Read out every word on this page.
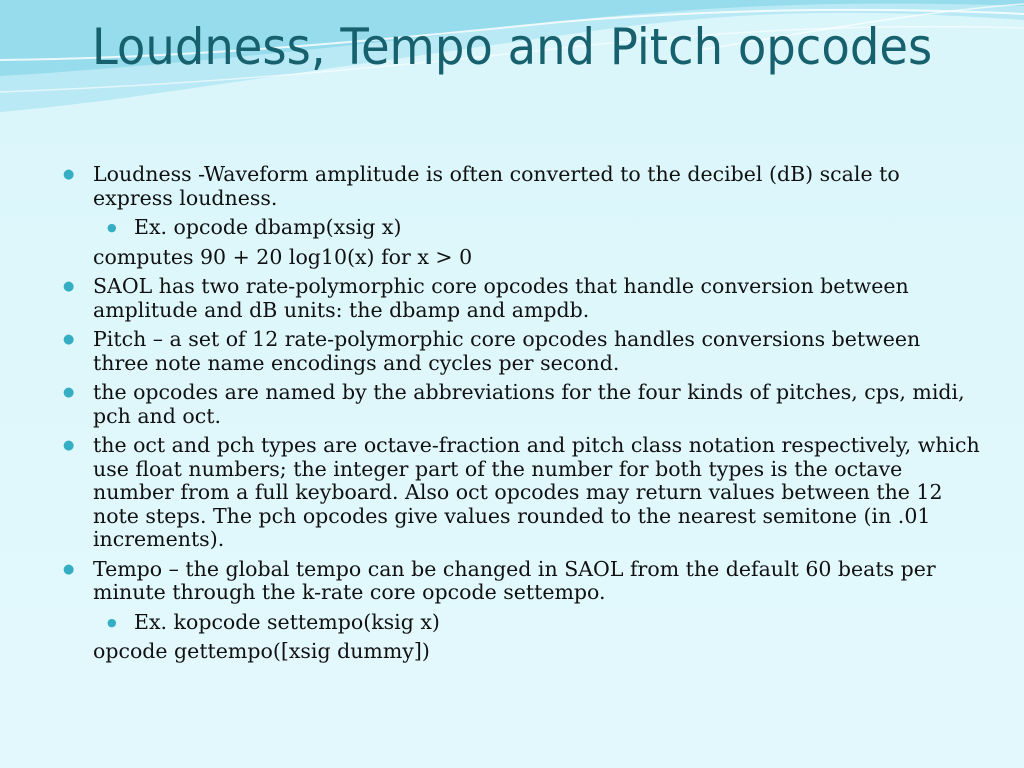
Loudness, Tempo and Pitch opcodes
● Loudness -Waveform amplitude is often converted to the decibel (dB) scale to express loudness.
● Ex. opcode dbamp(xsig x)
computes 90 + 20 log10(x) for x > 0
● SAOL has two rate-polymorphic core opcodes that handle conversion between amplitude and dB units: the dbamp and ampdb.
● Pitch – a set of 12 rate-polymorphic core opcodes handles conversions between three note name encodings and cycles per second.
● the opcodes are named by the abbreviations for the four kinds of pitches, cps, midi, pch and oct.
● the oct and pch types are octave-fraction and pitch class notation respectively, which use float numbers; the integer part of the number for both types is the octave number from a full keyboard. Also oct opcodes may return values between the 12 note steps. The pch opcodes give values rounded to the nearest semitone (in .01 increments).
● Tempo – the global tempo can be changed in SAOL from the default 60 beats per minute through the k-rate core opcode settempo.
● Ex. kopcode settempo(ksig x)
opcode gettempo([xsig dummy])
